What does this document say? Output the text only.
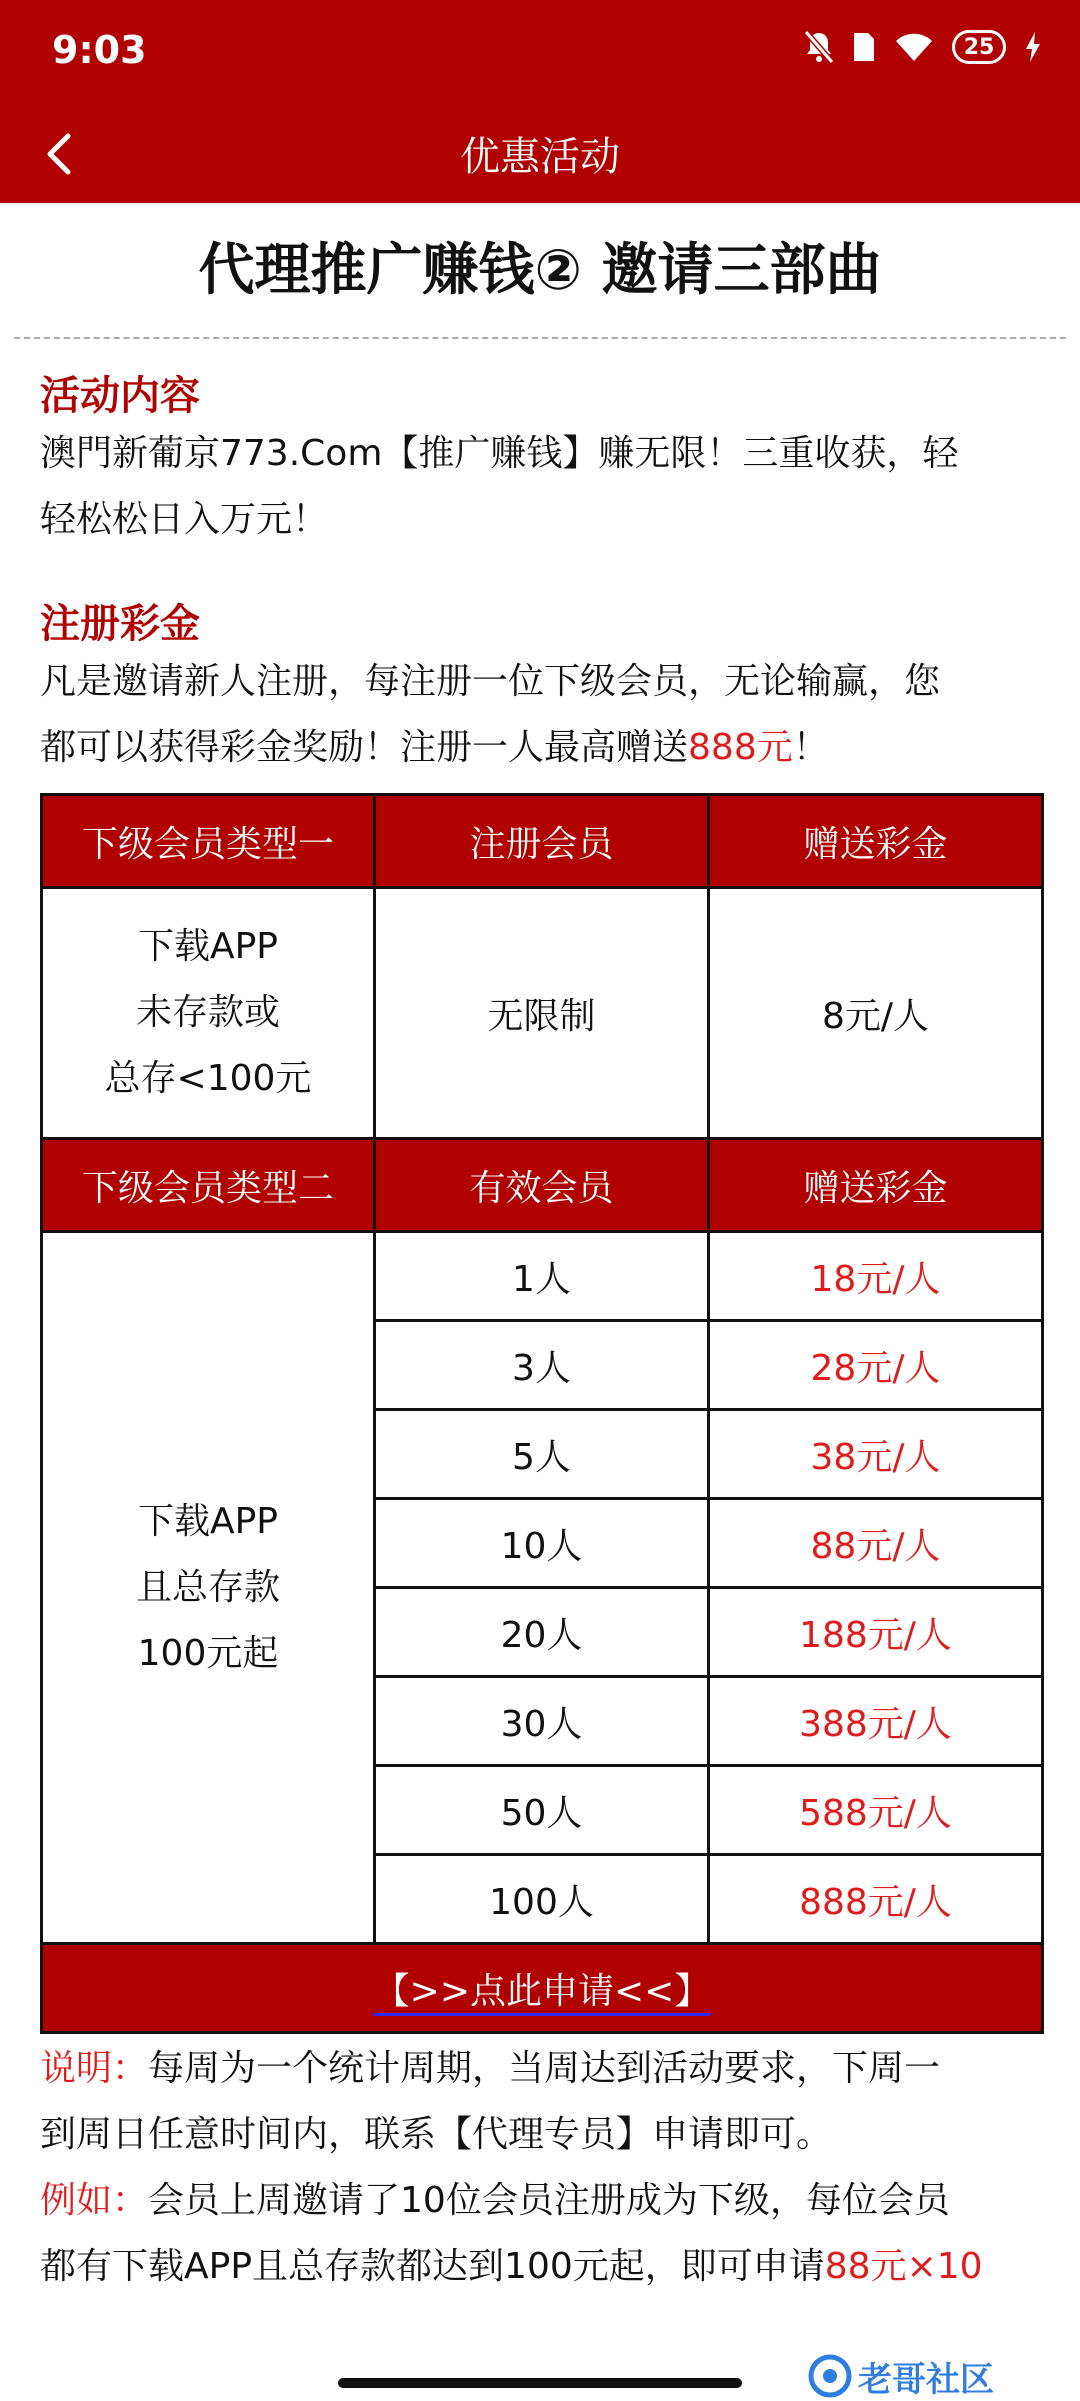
9:03	25
优惠活动
代理推广赚钱② 邀请三部曲
活动内容
澳門新葡京773.Com【推广赚钱】赚无限！三重收获，轻
轻松松日入万元！
注册彩金
凡是邀请新人注册，每注册一位下级会员，无论输赢，您
都可以获得彩金奖励！注册一人最高赠送888元！
下级会员类型一	注册会员	赠送彩金

下载APP
未存款或
总存<100元	无限制	8元/人
下级会员类型二	有效会员	赠送彩金

下载APP
且总存款
100元起	1人	18元/人
	3人	28元/人
	5人	38元/人
	10人	88元/人
	20人	188元/人
	30人	388元/人
	50人	588元/人
	100人	888元/人
【>>点此申请<<】		
说明：每周为一个统计周期，当周达到活动要求，下周一
到周日任意时间内，联系【代理专员】申请即可。
例如：会员上周邀请了10位会员注册成为下级，每位会员
都有下载APP且总存款都达到100元起，即可申请88元×10
老哥社区
